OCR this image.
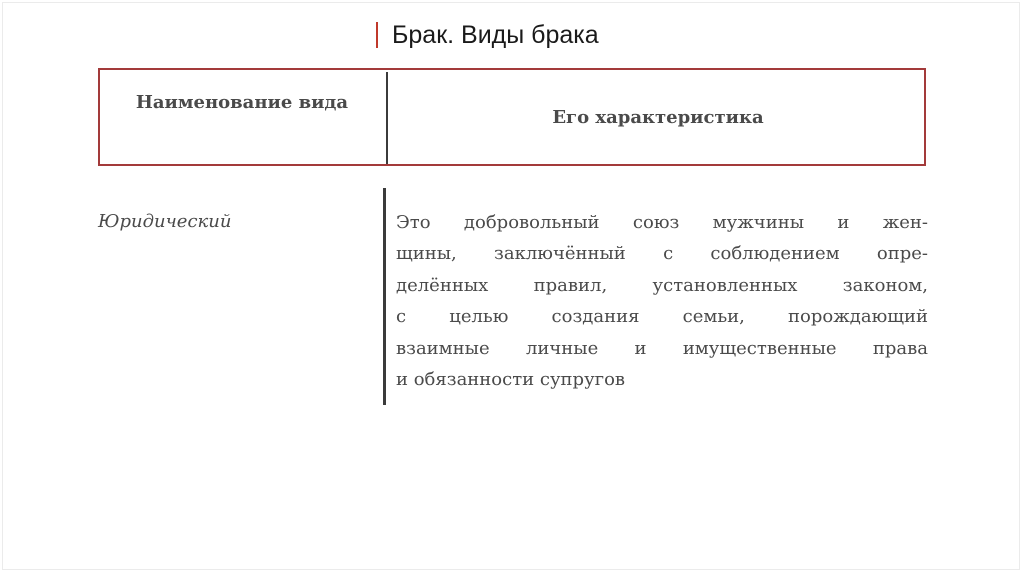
Брак. Виды брака
Наименование вида
Его характеристика
Юридический	Это добровольный союз мужчины и жен-
щины, заключённый с соблюдением опре-
делённых правил, установленных законом,
с целью создания семьи, порождающий
взаимные личные и имущественные права
и обязанности супругов
